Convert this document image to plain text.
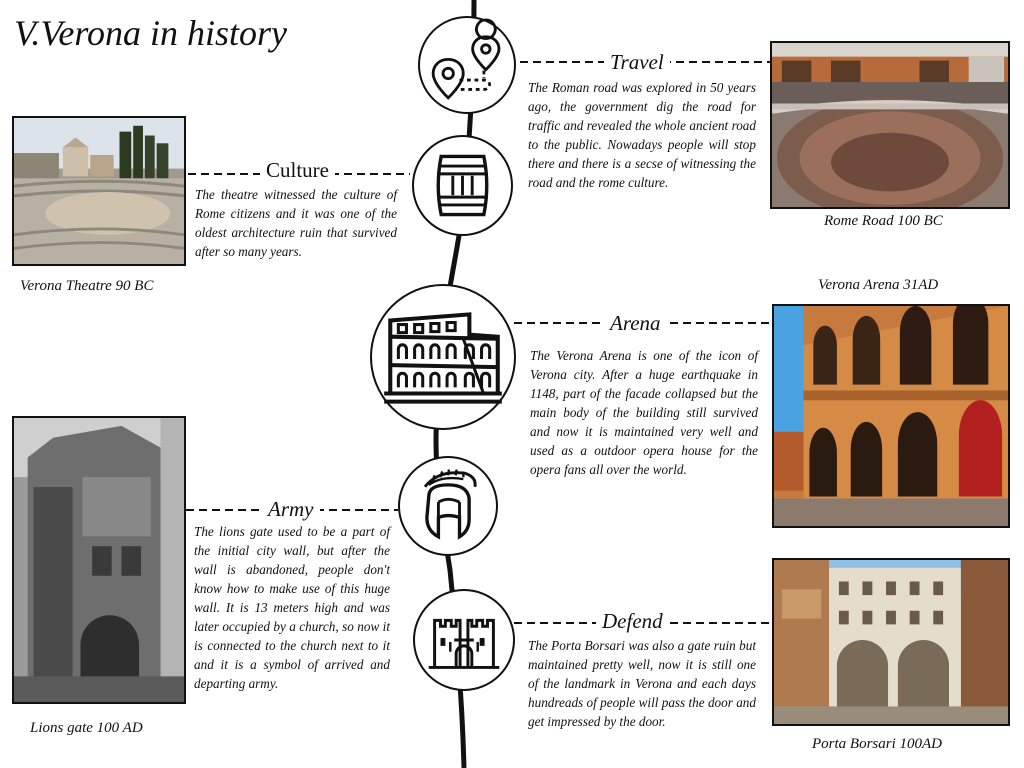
V.Verona in history
Travel
The Roman road was explored in 50 years ago, the government dig the road for traffic and revealed the whole ancient road to the public. Nowadays people will stop there and there is a secse of witnessing the road and the rome culture.
Rome Road 100 BC
Culture
The theatre witnessed the culture of Rome citizens and it was one of the oldest architecture ruin that survived after so many years.
Verona Theatre 90 BC
Arena
The Verona Arena is one of the icon of Verona city. After a huge earthquake in 1148, part of the facade collapsed but the main body of the building still survived and now it is maintained very well and used as a outdoor opera house for the opera fans all over the world.
Verona Arena 31AD
Army
The lions gate used to be a part of the initial city wall, but after the wall is abandoned, people don't know how to make use of this huge wall. It is 13 meters high and was later occupied by a church, so now it is connected to the church next to it and it is a symbol of arrived and departing army.
Lions gate 100 AD
Defend
The Porta Borsari was also a gate ruin but maintained pretty well, now it is still one of the landmark in Verona and each days hundreads of people will pass the door and get impressed by the door.
Porta Borsari 100AD
